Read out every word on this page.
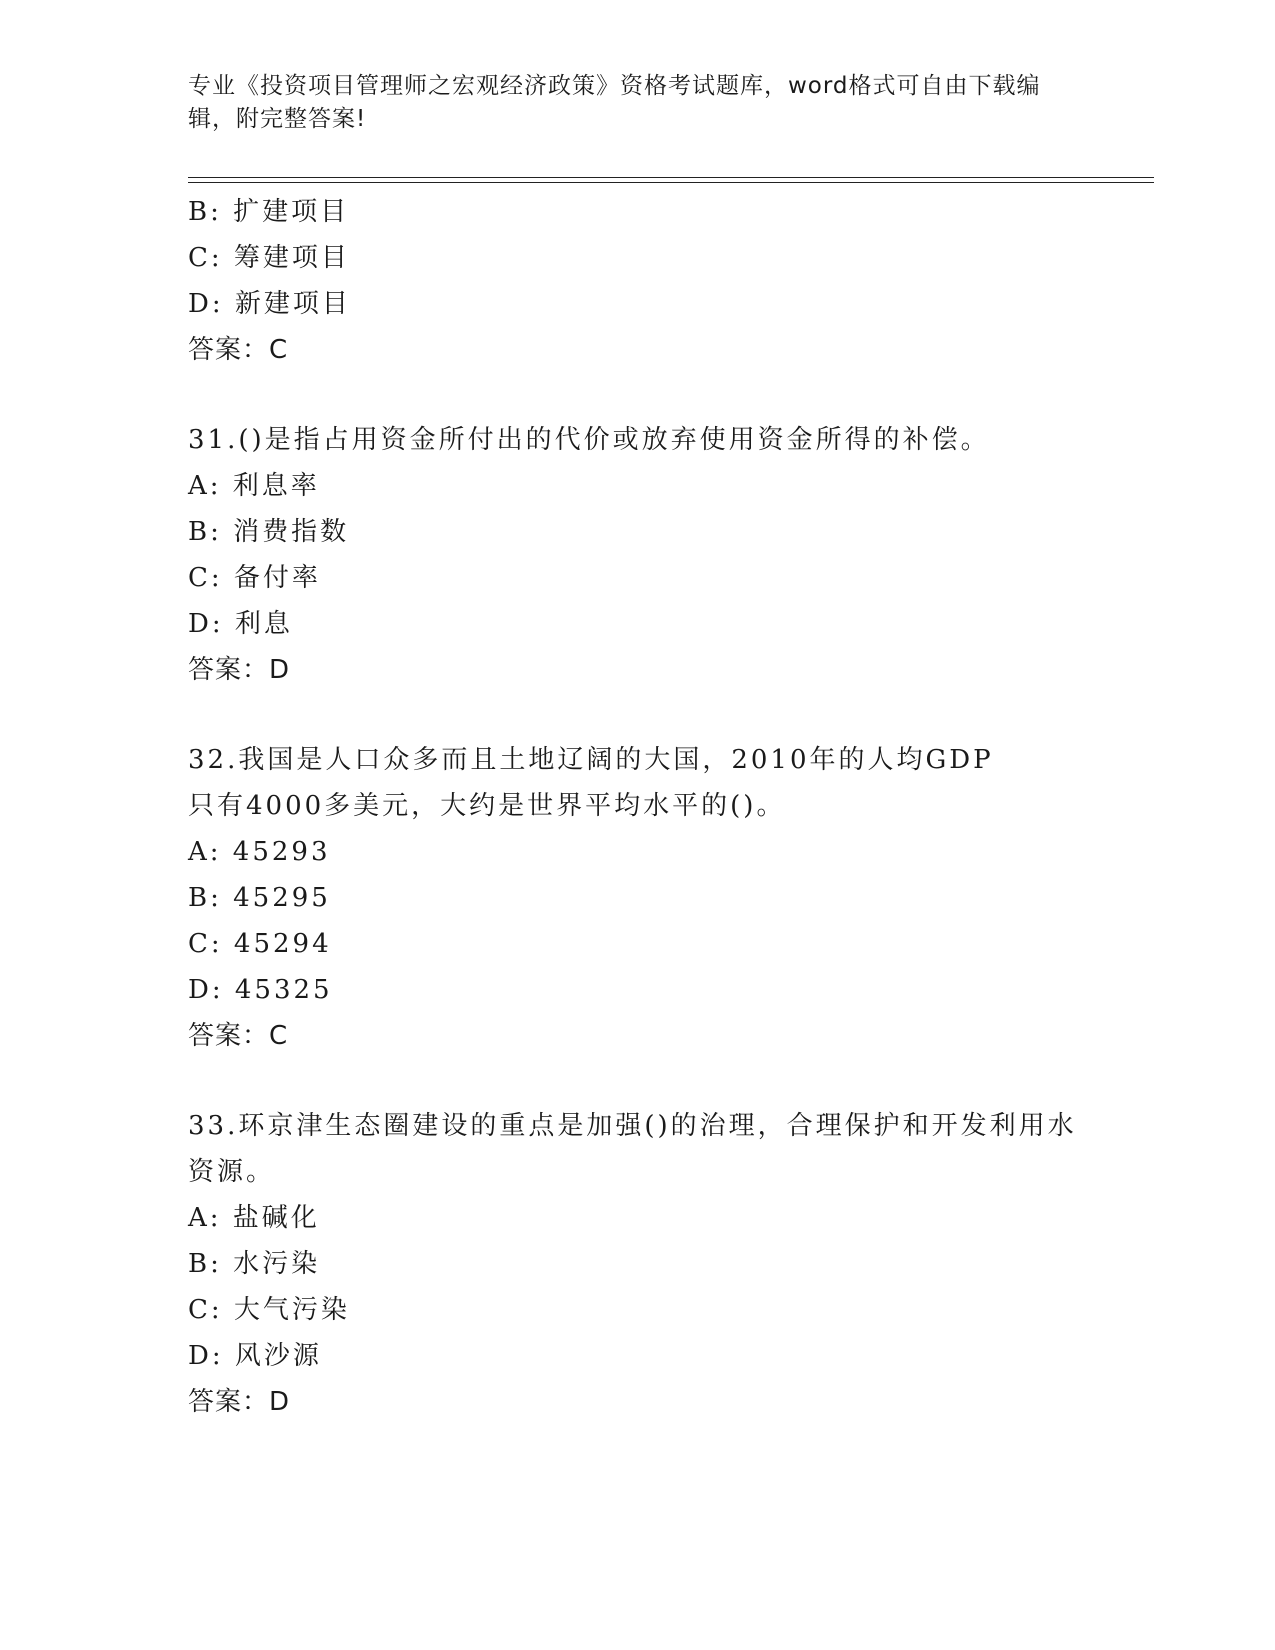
专业《投资项目管理师之宏观经济政策》资格考试题库，word格式可自由下载编辑，附完整答案!
B: 扩建项目
C: 筹建项目
D: 新建项目
答案：C
31.()是指占用资金所付出的代价或放弃使用资金所得的补偿。
A: 利息率
B: 消费指数
C: 备付率
D: 利息
答案：D
32.我国是人口众多而且土地辽阔的大国，2010年的人均GDP只有4000多美元，大约是世界平均水平的()。
A: 45293
B: 45295
C: 45294
D: 45325
答案：C
33.环京津生态圈建设的重点是加强()的治理，合理保护和开发利用水资源。
A: 盐碱化
B: 水污染
C: 大气污染
D: 风沙源
答案：D
